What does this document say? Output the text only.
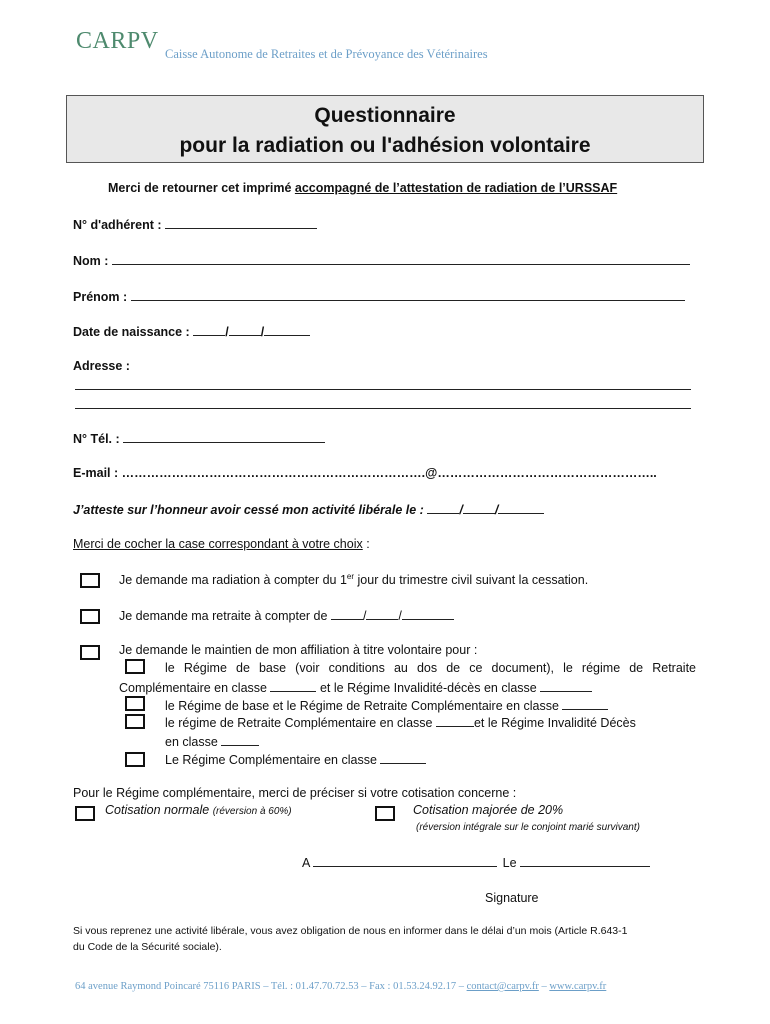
CARPV Caisse Autonome de Retraites et de Prévoyance des Vétérinaires
Questionnaire
pour la radiation ou l'adhésion volontaire
Merci de retourner cet imprimé accompagné de l’attestation de radiation de l’URSSAF
N° d'adhérent :
Nom :
Prénom :
Date de naissance :	/	/
Adresse :
N° Tél. :
E-mail : ……………………………………………………………….@……………………………………………..
J’atteste sur l’honneur avoir cessé mon activité libérale le :	/	/
Merci de cocher la case correspondant à votre choix :
Je demande ma radiation à compter du 1er jour du trimestre civil suivant la cessation.
Je demande ma retraite à compter de	/	/
Je demande le maintien de mon affiliation à titre volontaire pour :
le Régime de base (voir conditions au dos de ce document), le régime de Retraite
Complémentaire en classe	et le Régime Invalidité-décès en classe
le Régime de base et le Régime de Retraite Complémentaire en classe
le régime de Retraite Complémentaire en classe	et le Régime Invalidité Décès
en classe
Le Régime Complémentaire en classe
Pour le Régime complémentaire, merci de préciser si votre cotisation concerne :
Cotisation normale (réversion à 60%)	Cotisation majorée de 20%
(réversion intégrale sur le conjoint marié survivant)
A	Le
Signature
Si vous reprenez une activité libérale, vous avez obligation de nous en informer dans le délai d’un mois (Article R.643-1
du Code de la Sécurité sociale).
64 avenue Raymond Poincaré 75116 PARIS – Tél. : 01.47.70.72.53 – Fax : 01.53.24.92.17 – contact@carpv.fr – www.carpv.fr
